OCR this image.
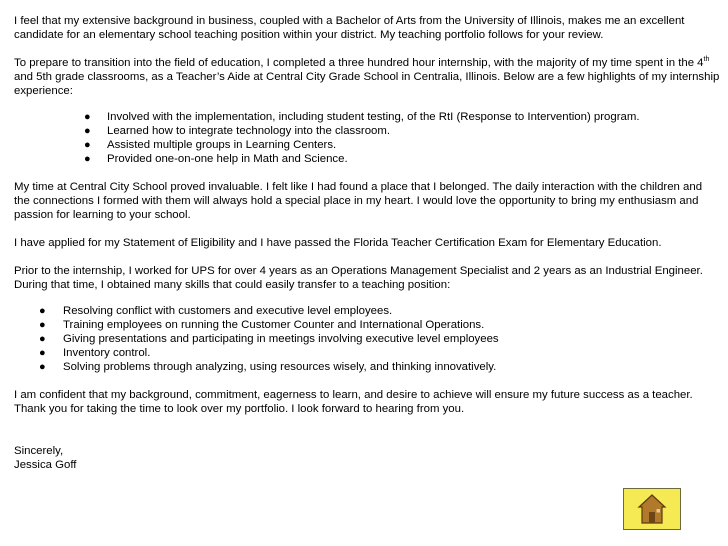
I feel that my extensive background in business, coupled with a Bachelor of Arts from the University of Illinois, makes me an excellent candidate for an elementary school teaching position within your district. My teaching portfolio follows for your review.

To prepare to transition into the field of education, I completed a three hundred hour internship, with the majority of my time spent in the 4th and 5th grade classrooms, as a Teacher’s Aide at Central City Grade School in Centralia, Illinois. Below are a few highlights of my internship experience:

● Involved with the implementation, including student testing, of the RtI (Response to Intervention) program.
● Learned how to integrate technology into the classroom.
● Assisted multiple groups in Learning Centers.
● Provided one-on-one help in Math and Science.

My time at Central City School proved invaluable. I felt like I had found a place that I belonged. The daily interaction with the children and the connections I formed with them will always hold a special place in my heart. I would love the opportunity to bring my enthusiasm and passion for learning to your school.

I have applied for my Statement of Eligibility and I have passed the Florida Teacher Certification Exam for Elementary Education.

Prior to the internship, I worked for UPS for over 4 years as an Operations Management Specialist and 2 years as an Industrial Engineer. During that time, I obtained many skills that could easily transfer to a teaching position:

● Resolving conflict with customers and executive level employees.
● Training employees on running the Customer Counter and International Operations.
● Giving presentations and participating in meetings involving executive level employees
● Inventory control.
● Solving problems through analyzing, using resources wisely, and thinking innovatively.

I am confident that my background, commitment, eagerness to learn, and desire to achieve will ensure my future success as a teacher. Thank you for taking the time to look over my portfolio. I look forward to hearing from you.

Sincerely,

Jessica Goff
